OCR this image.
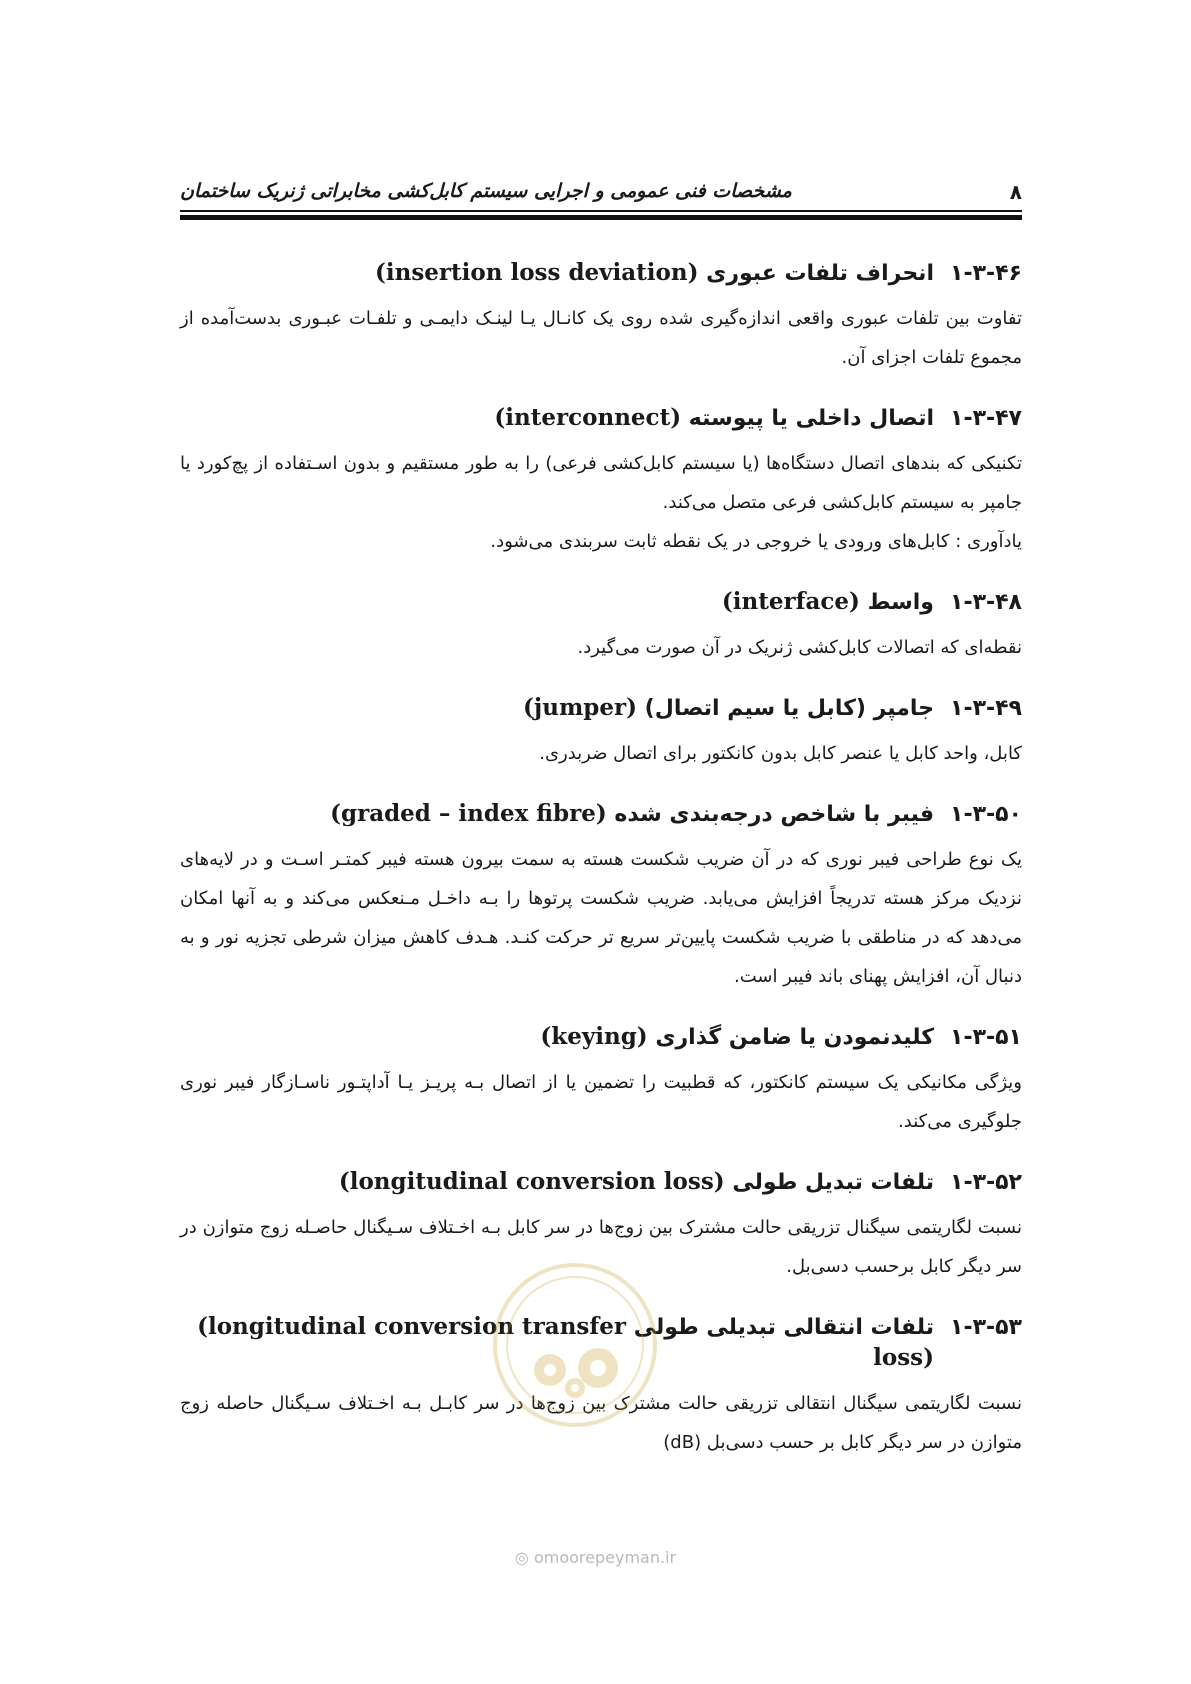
۸
مشخصات فنی عمومی و اجرایی سیستم کابل‌کشی مخابراتی ژنریک ساختمان
۱-۳-۴۶
انحراف تلفات عبوری (insertion loss deviation)

تفاوت بین تلفات عبوری واقعی اندازه‌گیری شده روی یک کانـال یـا لینـک دایمـی و تلفـات عبـوری بدست‌آمده از مجموع تلفات اجزای آن.

۱-۳-۴۷
اتصال داخلی یا پیوسته (interconnect)

تکنیکی که بندهای اتصال دستگاه‌ها (یا سیستم کابل‌کشی فرعی) را به طور مستقیم و بدون اسـتفاده از پچ‌کورد یا جامپر به سیستم کابل‌کشی فرعی متصل می‌کند.

یادآوری : کابل‌های ورودی یا خروجی در یک نقطه ثابت سربندی می‌شود.

۱-۳-۴۸
واسط (interface)

نقطه‌ای که اتصالات کابل‌کشی ژنریک در آن صورت می‌گیرد.

۱-۳-۴۹
جامپر (کابل یا سیم اتصال) (jumper)

کابل، واحد کابل یا عنصر کابل بدون کانکتور برای اتصال ضربدری.

۱-۳-۵۰
فیبر با شاخص درجه‌بندی شده (graded – index fibre)

یک نوع طراحی فیبر نوری که در آن ضریب شکست هسته به سمت بیرون هسته فیبر کمتـر اسـت و در لایه‌های نزدیک مرکز هسته تدریجاً افزایش می‌یابد. ضریب شکست پرتوها را بـه داخـل مـنعکس می‌کند و به آنها امکان می‌دهد که در مناطقی با ضریب شکست پایین‌تر سریع تر حرکت کنـد. هـدف کاهش میزان شرطی تجزیه نور و به دنبال آن، افزایش پهنای باند فیبر است.

۱-۳-۵۱
کلیدنمودن یا ضامن گذاری (keying)

ویژگی مکانیکی یک سیستم کانکتور، که قطبیت را تضمین یا از اتصال بـه پریـز یـا آداپتـور ناسـازگار فیبر نوری جلوگیری می‌کند.

۱-۳-۵۲
تلفات تبدیل طولی (longitudinal conversion loss)

نسبت لگاریتمی سیگنال تزریقی حالت مشترک بین زوج‌ها در سر کابل بـه اخـتلاف سـیگنال حاصـله زوج متوازن در سر دیگر کابل برحسب دسی‌بل.

۱-۳-۵۳
تلفات انتقالی تبدیلی طولی (longitudinal conversion transfer loss)

نسبت لگاریتمی سیگنال انتقالی تزریقی حالت مشترک بین زوج‌ها در سر کابـل بـه اخـتلاف سـیگنال حاصله زوج متوازن در سر دیگر کابل بر حسب دسی‌بل (dB)

◎ omoorepeyman.ir
